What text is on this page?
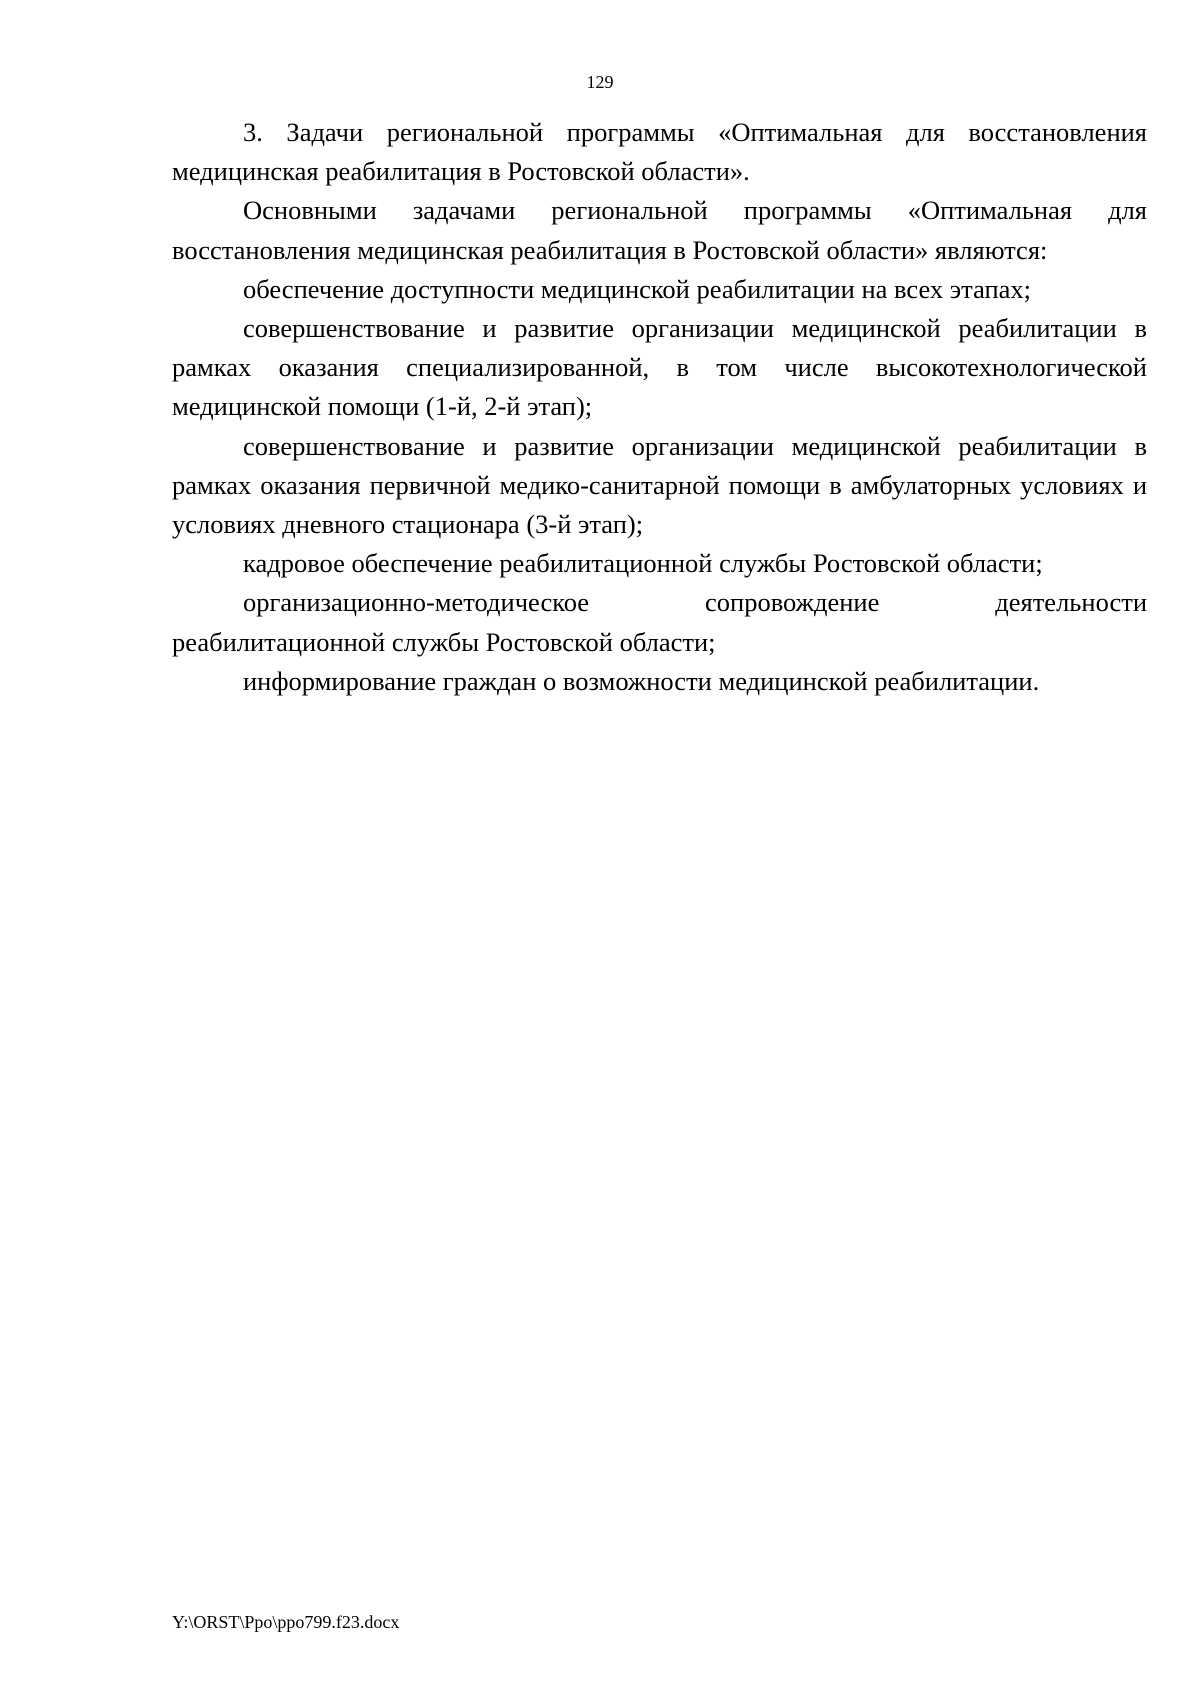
129

3. Задачи региональной программы «Оптимальная для восстановления медицинская реабилитация в Ростовской области».

Основными задачами региональной программы «Оптимальная для восстановления медицинская реабилитация в Ростовской области» являются:

обеспечение доступности медицинской реабилитации на всех этапах;

совершенствование и развитие организации медицинской реабилитации в рамках оказания специализированной, в том числе высокотехнологической медицинской помощи (1-й, 2-й этап);

совершенствование и развитие организации медицинской реабилитации в рамках оказания первичной медико-санитарной помощи в амбулаторных условиях и условиях дневного стационара (3-й этап);

кадровое обеспечение реабилитационной службы Ростовской области;

организационно-методическое сопровождение деятельности реабилитационной службы Ростовской области;

информирование граждан о возможности медицинской реабилитации.

Y:\ORST\Ppo\ppo799.f23.docx
